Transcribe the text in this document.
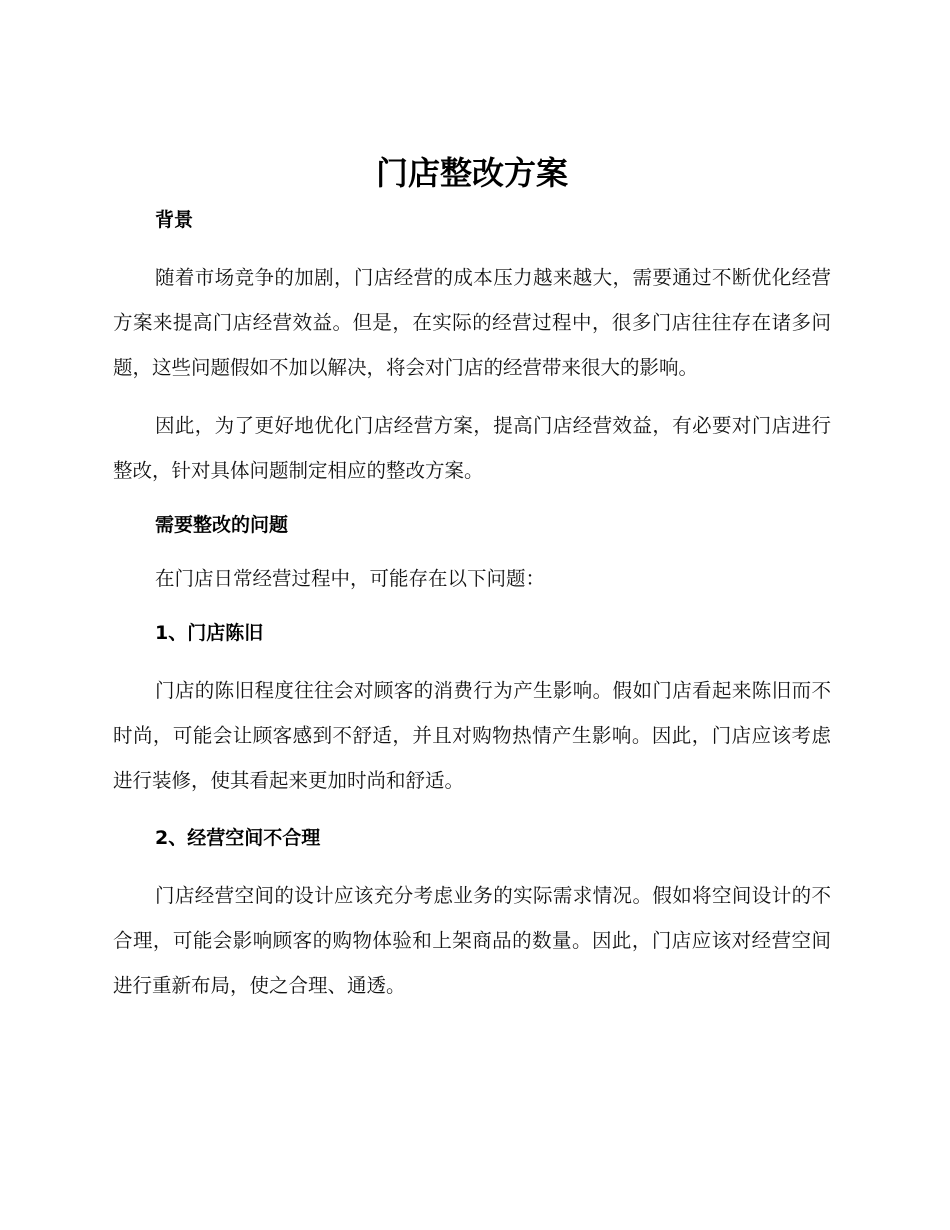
门店整改方案
背景

随着市场竞争的加剧，门店经营的成本压力越来越大，需要通过不断优化经营方案来提高门店经营效益。但是，在实际的经营过程中，很多门店往往存在诸多问题，这些问题假如不加以解决，将会对门店的经营带来很大的影响。

因此，为了更好地优化门店经营方案，提高门店经营效益，有必要对门店进行整改，针对具体问题制定相应的整改方案。

需要整改的问题

在门店日常经营过程中，可能存在以下问题：

1、门店陈旧

门店的陈旧程度往往会对顾客的消费行为产生影响。假如门店看起来陈旧而不时尚，可能会让顾客感到不舒适，并且对购物热情产生影响。因此，门店应该考虑进行装修，使其看起来更加时尚和舒适。

2、经营空间不合理

门店经营空间的设计应该充分考虑业务的实际需求情况。假如将空间设计的不合理，可能会影响顾客的购物体验和上架商品的数量。因此，门店应该对经营空间进行重新布局，使之合理、通透。
